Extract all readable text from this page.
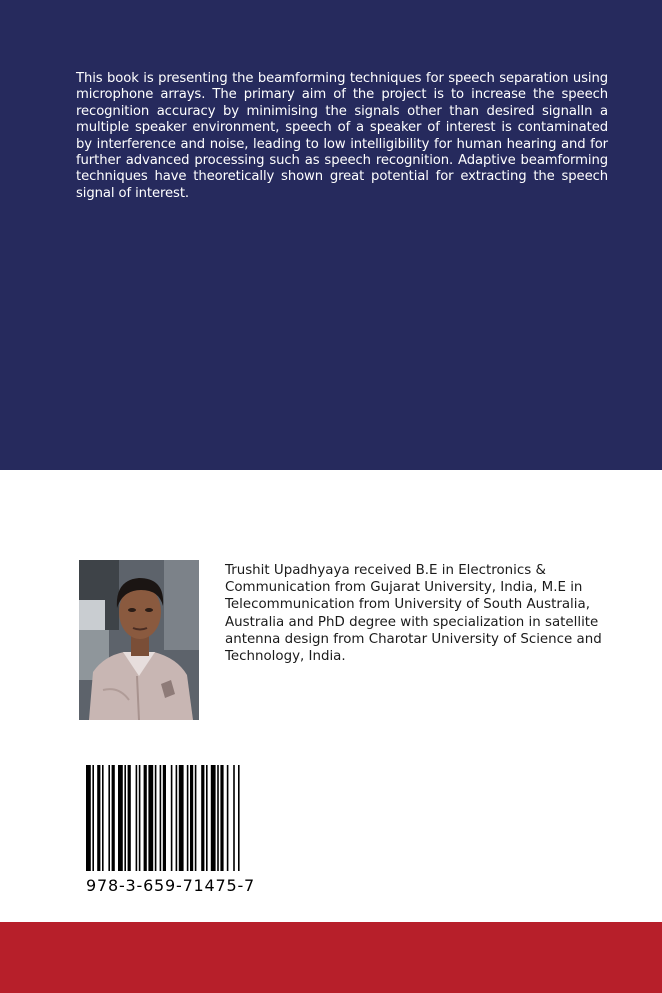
This book is presenting the beamforming techniques for speech separation using microphone arrays. The primary aim of the project is to increase the speech recognition accuracy by minimising the signals other than desired signalIn a multiple speaker environment, speech of a speaker of interest is contaminated by interference and noise, leading to low intelligibility for human hearing and for further advanced processing such as speech recognition. Adaptive beamforming techniques have theoretically shown great potential for extracting the speech signal of interest.

Trushit Upadhyaya received B.E in Electronics & Communication from Gujarat University, India, M.E in Telecommunication from University of South Australia, Australia and PhD degree with specialization in satellite antenna design from Charotar University of Science and Technology, India.

978-3-659-71475-7
